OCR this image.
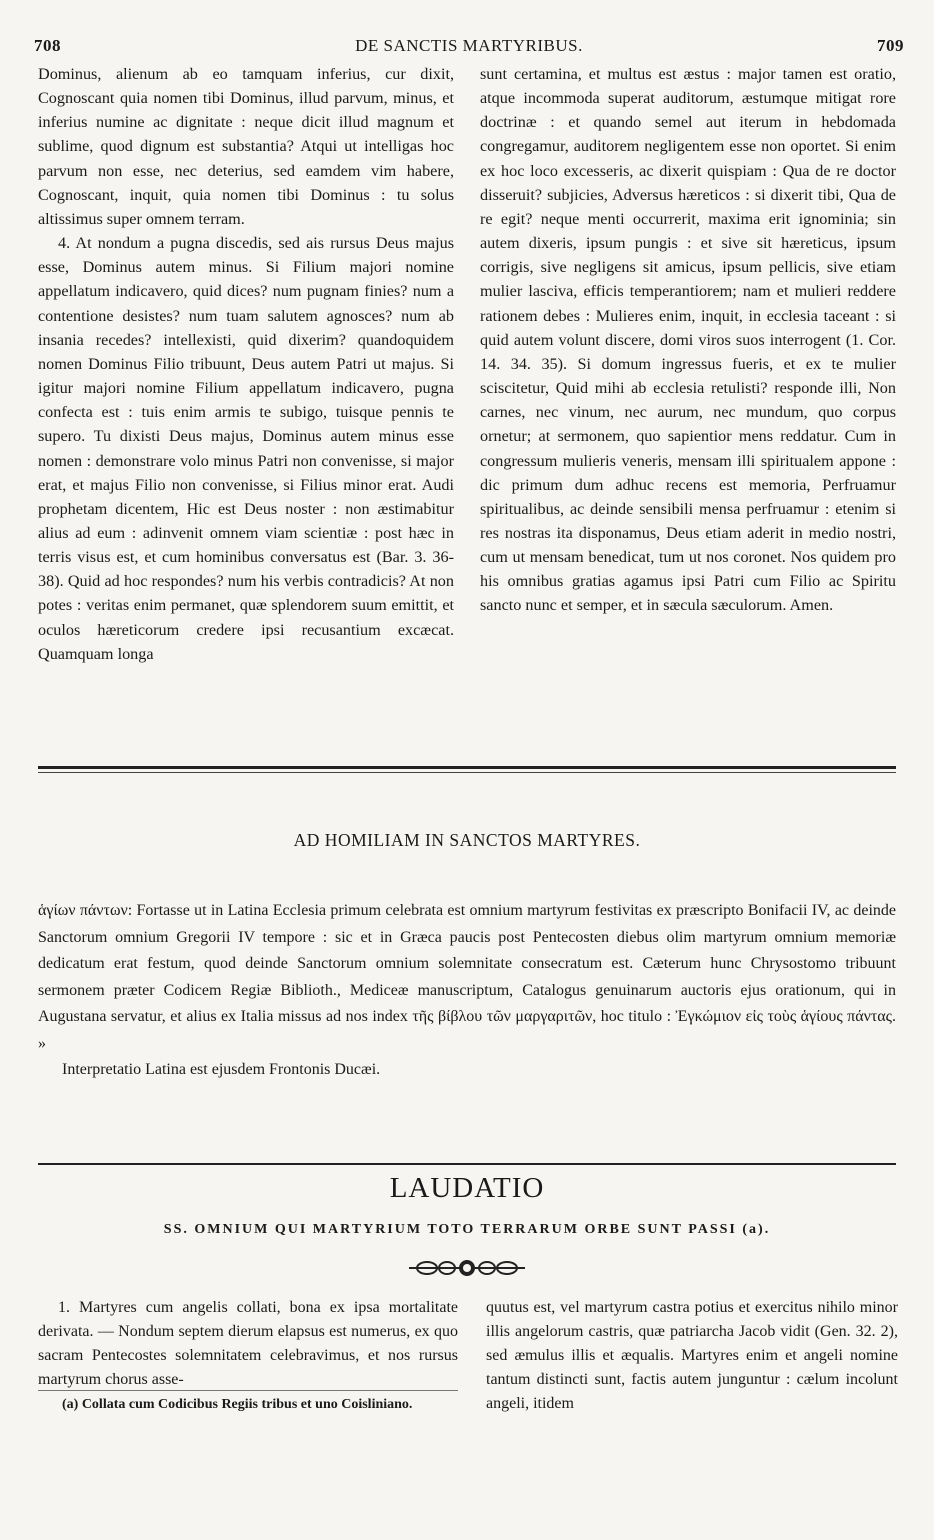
708	DE SANCTIS MARTYRIBUS.	709

Dominus, alienum ab eo tamquam inferius, cur dixit, Cognoscant quia nomen tibi Dominus, illud parvum, minus, et inferius numine ac dignitate : neque dicit illud magnum et sublime, quod dignum est substantia? Atqui ut intelligas hoc parvum non esse, nec deterius, sed eamdem vim habere, Cognoscant, inquit, quia nomen tibi Dominus : tu solus altissimus super omnem terram.

4. At nondum a pugna discedis, sed ais rursus Deus majus esse, Dominus autem minus. Si Filium majori nomine appellatum indicavero, quid dices? num pugnam finies? num a contentione desistes? num tuam salutem agnosces? num ab insania recedes? intellexisti, quid dixerim? quandoquidem nomen Dominus Filio tribuunt, Deus autem Patri ut majus. Si igitur majori nomine Filium appellatum indicavero, pugna confecta est : tuis enim armis te subigo, tuisque pennis te supero. Tu dixisti Deus majus, Dominus autem minus esse nomen : demonstrare volo minus Patri non convenisse, si major erat, et majus Filio non convenisse, si Filius minor erat. Audi prophetam dicentem, Hic est Deus noster : non æstimabitur alius ad eum : adinvenit omnem viam scientiæ : post hæc in terris visus est, et cum hominibus conversatus est (Bar. 3. 36-38). Quid ad hoc respondes? num his verbis contradicis? At non potes : veritas enim permanet, quæ splendorem suum emittit, et oculos hæreticorum credere ipsi recusantium excæcat. Quamquam longa

sunt certamina, et multus est æstus : major tamen est oratio, atque incommoda superat auditorum, æstumque mitigat rore doctrinæ : et quando semel aut iterum in hebdomada congregamur, auditorem negligentem esse non oportet. Si enim ex hoc loco excesseris, ac dixerit quispiam : Qua de re doctor disseruit? subjicies, Adversus hæreticos : si dixerit tibi, Qua de re egit? neque menti occurrerit, maxima erit ignominia; sin autem dixeris, ipsum pungis : et sive sit hæreticus, ipsum corrigis, sive negligens sit amicus, ipsum pellicis, sive etiam mulier lasciva, efficis temperantiorem; nam et mulieri reddere rationem debes : Mulieres enim, inquit, in ecclesia taceant : si quid autem volunt discere, domi viros suos interrogent (1. Cor. 14. 34. 35). Si domum ingressus fueris, et ex te mulier sciscitetur, Quid mihi ab ecclesia retulisti? responde illi, Non carnes, nec vinum, nec aurum, nec mundum, quo corpus ornetur; at sermonem, quo sapientior mens reddatur. Cum in congressum mulieris veneris, mensam illi spiritualem appone : dic primum dum adhuc recens est memoria, Perfruamur spiritualibus, ac deinde sensibili mensa perfruamur : etenim si res nostras ita disponamus, Deus etiam aderit in medio nostri, cum ut mensam benedicat, tum ut nos coronet. Nos quidem pro his omnibus gratias agamus ipsi Patri cum Filio ac Spiritu sancto nunc et semper, et in sæcula sæculorum. Amen.

AD HOMILIAM IN SANCTOS MARTYRES.

ἁγίων πάντων: Fortasse ut in Latina Ecclesia primum celebrata est omnium martyrum festivitas ex præscripto Bonifacii IV, ac deinde Sanctorum omnium Gregorii IV tempore : sic et in Græca paucis post Pentecosten diebus olim martyrum omnium memoriæ dedicatum erat festum, quod deinde Sanctorum omnium solemnitate consecratum est. Cæterum hunc Chrysostomo tribuunt sermonem præter Codicem Regiæ Biblioth., Mediceæ manuscriptum, Catalogus genuinarum auctoris ejus orationum, qui in Augustana servatur, et alius ex Italia missus ad nos index τῆς βίβλου τῶν μαργαριτῶν, hoc titulo : Ἐγκώμιον εἰς τοὺς ἁγίους πάντας. »

Interpretatio Latina est ejusdem Frontonis Ducæi.

LAUDATIO
SS. OMNIUM QUI MARTYRIUM TOTO TERRARUM ORBE SUNT PASSI (a).

1. Martyres cum angelis collati, bona ex ipsa mortalitate derivata. — Nondum septem dierum elapsus est numerus, ex quo sacram Pentecostes solemnitatem celebravimus, et nos rursus martyrum chorus asse-

quutus est, vel martyrum castra potius et exercitus nihilo minor illis angelorum castris, quæ patriarcha Jacob vidit (Gen. 32. 2), sed æmulus illis et æqualis. Martyres enim et angeli nomine tantum distincti sunt, factis autem junguntur : cælum incolunt angeli, itidem

(a) Collata cum Codicibus Regiis tribus et uno Coisliniano.
